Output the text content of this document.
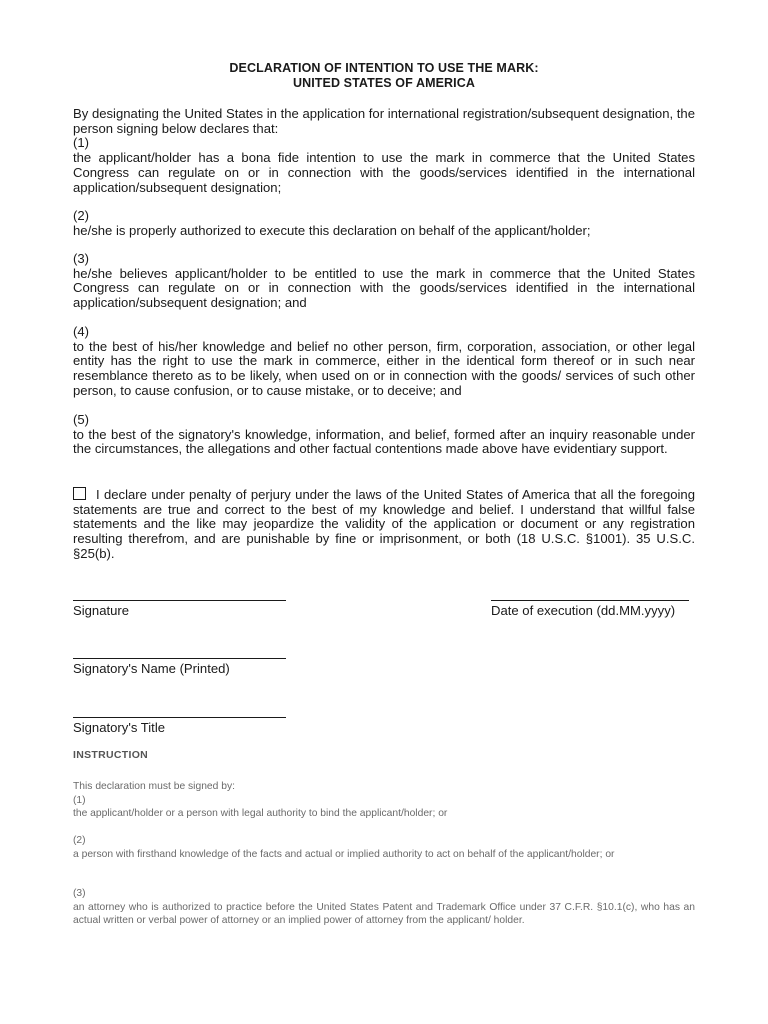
DECLARATION OF INTENTION TO USE THE MARK:
UNITED STATES OF AMERICA

By designating the United States in the application for international registration/subsequent designation, the person signing below declares that:

(1)

the applicant/holder has a bona fide intention to use the mark in commerce that the United States Congress can regulate on or in connection with the goods/services identified in the international application/subsequent designation;

(2)

he/she is properly authorized to execute this declaration on behalf of the applicant/holder;

(3)

he/she believes applicant/holder to be entitled to use the mark in commerce that the United States Congress can regulate on or in connection with the goods/services identified in the international application/subsequent designation; and

(4)

to the best of his/her knowledge and belief no other person, firm, corporation, association, or other legal entity has the right to use the mark in commerce, either in the identical form thereof or in such near resemblance thereto as to be likely, when used on or in connection with the goods/ services of such other person, to cause confusion, or to cause mistake, or to deceive; and

(5)

to the best of the signatory's knowledge, information, and belief, formed after an inquiry reasonable under the circumstances, the allegations and other factual contentions made above have evidentiary support.

I declare under penalty of perjury under the laws of the United States of America that all the foregoing statements are true and correct to the best of my knowledge and belief. I understand that willful false statements and the like may jeopardize the validity of the application or document or any registration resulting therefrom, and are punishable by fine or imprisonment, or both (18 U.S.C. §1001). 35 U.S.C. §25(b).
Signature	Date of execution (dd.MM.yyyy)
Signatory's Name (Printed)
Signatory's Title
INSTRUCTION

This declaration must be signed by:

(1)

the applicant/holder or a person with legal authority to bind the applicant/holder; or

(2)

a person with firsthand knowledge of the facts and actual or implied authority to act on behalf of the applicant/holder; or

(3)

an attorney who is authorized to practice before the United States Patent and Trademark Office under 37 C.F.R. §10.1(c), who has an actual written or verbal power of attorney or an implied power of attorney from the applicant/ holder.
